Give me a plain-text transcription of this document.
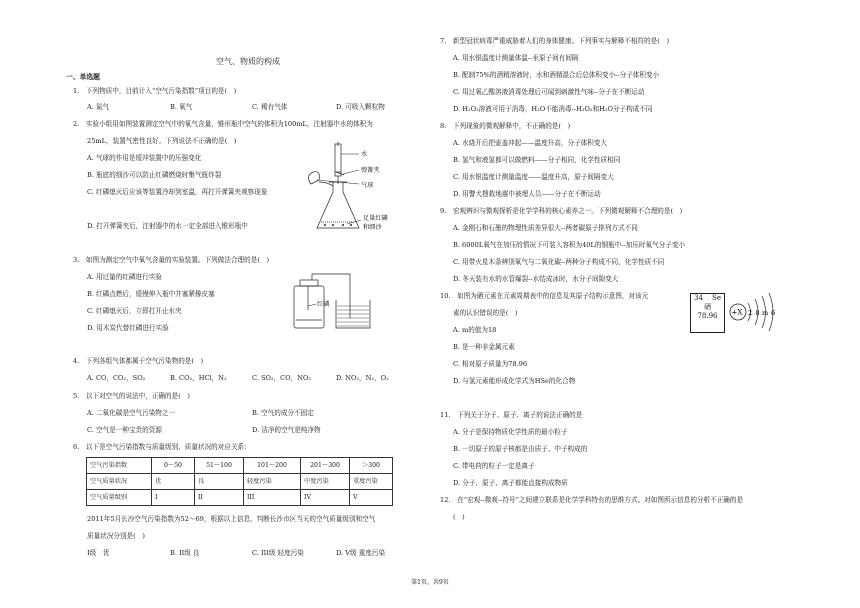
空气、物质的构成
一、单选题
1.　下列物质中，目前计入“空气污染指数”项目的是(　)
A. 氮气	B. 氧气	C. 稀有气体	D. 可吸入颗粒物
2.　实验小组用如图装置测定空气中的氧气含量，锥形瓶中空气的体积为100mL，注射器中水的体积为
25mL，装置气密性良好。下列说法不正确的是(　)
A. 气球的作用是缓冲装置中的压强变化
B. 瓶底的细沙可以防止红磷燃烧时集气瓶炸裂
C. 红磷熄灭后应该等装置冷却到室温，再打开弹簧夹观察现象
D. 打开弹簧夹后，注射器中的水一定全部进入锥形瓶中
水
弹簧夹
气球
足量红磷
和细沙
3.　如图为测定空气中氧气含量的实验装置。下列做法合理的是(　)
A. 用过量的红磷进行实验
B. 红磷点燃后，缓慢伸入瓶中并塞紧橡皮塞
C. 红磷熄灭后，立即打开止水夹
D. 用木炭代替红磷进行实验
红磷
4.　下列各组气体都属于空气污染物的是(　)
A. CO，CO₂，SO₂	B. CO₂，HCl，N₂	C. SO₂，CO，NO₂	D. NO₂，N₂，O₂
5.　以下对空气的说法中，正确的是(　)
A. 二氧化碳是空气污染物之一	B. 空气的成分不固定
C. 空气是一种宝贵的资源	D. 洁净的空气是纯净物
6.　以下是空气污染指数与质量级别、质量状况的对应关系：
空气污染指数	0～50	51～100	101～200	201～300	＞300
空气质量状况	优	良	轻度污染	中度污染	重度污染
空气质量级别	I	II	III	IV	V
2011年5月长沙空气污染指数为52～69，根据以上信息，判断长沙市区当天的空气质量级别和空气
质量状况分别是(　)
I级　优	B. II级 良	C. III级 轻度污染	D. V级 重度污染
7.　新型冠状病毒严重威胁着人们的身体健康。下列事实与解释不相符的是(　)
A. 用水银温度计测量体温--汞原子间有间隔
B. 配制75%的酒精溶液时，水和酒精混合后总体积变小--分子体积变小
C. 用过氧乙酸溶液消毒处理后可闻到刺激性气味--分子在不断运动
D. H₂O₂溶液可用于消毒，H₂O不能消毒--H₂O₂和H₂O分子构成不同
8.　下列现象的微观解释中，不正确的是(　)
A. 水烧开后把壶盖冲起——温度升高，分子体积变大
B. 氢气和液氢都可以做燃料——分子相同，化学性质相同
C. 用水银温度计测量温度——温度升高，原子间隔变大
D. 用警犬搜救地震中被埋人员——分子在不断运动
9.　宏观辨识与微观探析是化学学科的核心素养之一。下列微观解释不合理的是(　)
A. 金刚石和石墨的物理性质差异很大--两者碳原子排列方式不同
B. 6000L氧气在加压的情况下可装入容积为40L的钢瓶中--加压时氧气分子变小
C. 用带火星木条辨别氧气与二氧化碳--两种分子构成不同，化学性质不同
D. 冬天装有水的水管爆裂--水结成冰时，水分子间隙变大
10.　如图为硒元素在元素周期表中的信息及其原子结构示意图，对该元
素的认识错误的是(　)
A. m的值为18
B. 是一种非金属元素
C. 相对原子质量为78.96
D. 与氢元素能形成化学式为HSe的化合物
34 Se
硒
78.96	+X 2 8 m 6
11.　下列关于分子、原子、离子的说法正确的是
A. 分子是保持物质化学性质的最小粒子
B. 一切原子的原子核都是由质子、中子构成的
C. 带电荷的粒子一定是离子
D. 分子、原子、离子都能直接构成物质
12.　在“宏观--微观--符号”之间建立联系是化学学科特有的思维方式。对如图所示信息的分析不正确的是
(　)
第1页，共9页
